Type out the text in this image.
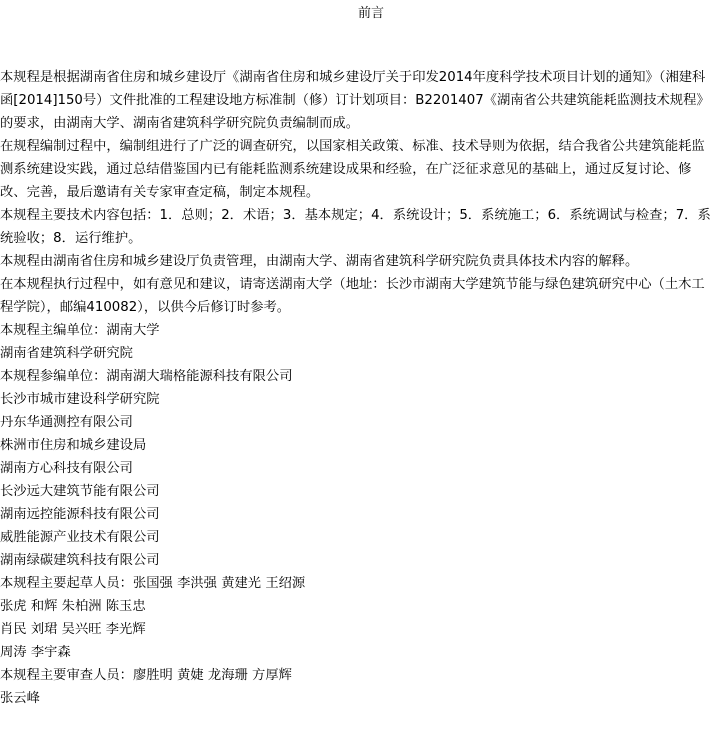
前言

本规程是根据湖南省住房和城乡建设厅《湖南省住房和城乡建设厅关于印发2014年度科学技术项目计划的通知》（湘建科函[2014]150号）文件批准的工程建设地方标准制（修）订计划项目：B2201407《湖南省公共建筑能耗监测技术规程》的要求，由湖南大学、湖南省建筑科学研究院负责编制而成。

在规程编制过程中，编制组进行了广泛的调查研究，以国家相关政策、标准、技术导则为依据，结合我省公共建筑能耗监测系统建设实践，通过总结借鉴国内已有能耗监测系统建设成果和经验，在广泛征求意见的基础上，通过反复讨论、修改、完善，最后邀请有关专家审查定稿，制定本规程。

本规程主要技术内容包括：1．总则；2．术语；3．基本规定；4．系统设计；5．系统施工；6．系统调试与检查；7．系统验收；8．运行维护。

本规程由湖南省住房和城乡建设厅负责管理，由湖南大学、湖南省建筑科学研究院负责具体技术内容的解释。

在本规程执行过程中，如有意见和建议，请寄送湖南大学（地址：长沙市湖南大学建筑节能与绿色建筑研究中心（土木工程学院），邮编410082），以供今后修订时参考。

本规程主编单位：湖南大学

湖南省建筑科学研究院

本规程参编单位：湖南湖大瑞格能源科技有限公司

长沙市城市建设科学研究院

丹东华通测控有限公司

株洲市住房和城乡建设局

湖南方心科技有限公司

长沙远大建筑节能有限公司

湖南远控能源科技有限公司

威胜能源产业技术有限公司

湖南绿碳建筑科技有限公司

本规程主要起草人员：张国强 李洪强 黄建光 王绍源

张虎 和辉 朱柏洲 陈玉忠

肖民 刘珺 吴兴旺 李光辉

周涛 李宇森

本规程主要审查人员：廖胜明 黄婕 龙海珊 方厚辉

张云峰
